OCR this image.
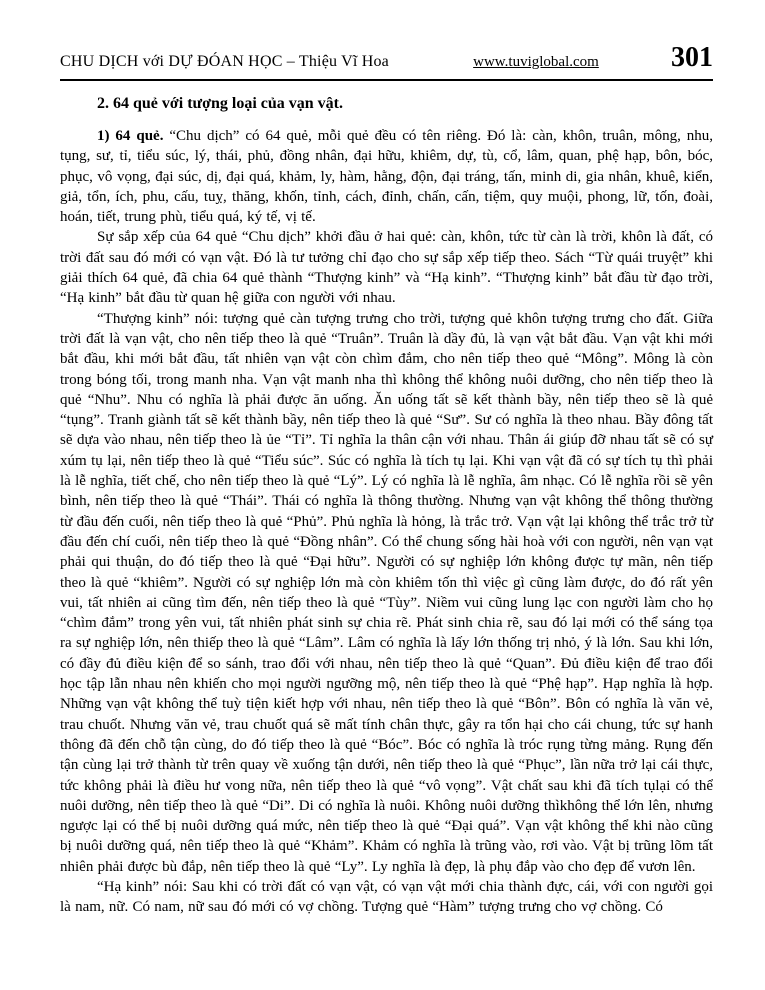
CHU DỊCH với DỰ ĐÓAN HỌC – Thiệu Vĩ Hoa	www.tuviglobal.com	301
2. 64 quẻ với tượng loại của vạn vật.

1) 64 quẻ. “Chu dịch” có 64 quẻ, mỗi quẻ đều có tên riêng. Đó là: càn, khôn, truân, mông, nhu, tụng, sư, tỉ, tiểu súc, lý, thái, phủ, đồng nhân, đại hữu, khiêm, dự, tù, cổ, lâm, quan, phệ hạp, bôn, bóc, phục, vô vọng, đại súc, dị, đại quá, khảm, ly, hàm, hằng, độn, đại tráng, tấn, minh di, gia nhân, khuê, kiển, giả, tổn, ích, phu, cấu, tuỵ, thăng, khốn, tỉnh, cách, đỉnh, chấn, cấn, tiệm, quy muội, phong, lữ, tốn, đoài, hoán, tiết, trung phù, tiểu quá, ký tế, vị tế.

Sự sắp xếp của 64 quẻ “Chu dịch” khởi đầu ở hai quẻ: càn, khôn, tức từ càn là trời, khôn là đất, có trời đất sau đó mới có vạn vật. Đó là tư tưởng chỉ đạo cho sự sắp xếp tiếp theo. Sách “Từ quái truyệt” khi giải thích 64 quẻ, đã chia 64 quẻ thành “Thượng kinh” và “Hạ kinh”. “Thượng kinh” bắt đầu từ đạo trời, “Hạ kinh” bắt đầu từ quan hệ giữa con người với nhau.

“Thượng kinh” nói: tượng quẻ càn tượng trưng cho trời, tượng quẻ khôn tượng trưng cho đất. Giữa trời đất là vạn vật, cho nên tiếp theo là quẻ “Truân”. Truân là dầy đủ, là vạn vật bắt đầu. Vạn vật khi mới bắt đầu, khi mới bắt đầu, tất nhiên vạn vật còn chìm đắm, cho nên tiếp theo quẻ “Mông”. Mông là còn trong bóng tối, trong manh nha. Vạn vật manh nha thì không thể không nuôi dưỡng, cho nên tiếp theo là quẻ “Nhu”. Nhu có nghĩa là phải được ăn uống. Ăn uống tất sẽ kết thành bầy, nên tiếp theo sẽ là quẻ “tụng”. Tranh giành tất sẽ kết thành bầy, nên tiếp theo là quẻ “Sư”. Sư có nghĩa là theo nhau. Bầy đông tất sẽ dựa vào nhau, nên tiếp theo là ủe “Tỉ”. Tỉ nghĩa la thân cận với nhau. Thân ái giúp đỡ nhau tất sẽ có sự xúm tụ lại, nên tiếp theo là quẻ “Tiểu súc”. Súc có nghĩa là tích tụ lại. Khi vạn vật đã có sự tích tụ thì phải là lễ nghĩa, tiết chế, cho nên tiếp theo là quẻ “Lý”. Lý có nghĩa là lễ nghĩa, âm nhạc. Có lễ nghĩa rồi sẽ yên bình, nên tiếp theo là quẻ “Thái”. Thái có nghĩa là thông thường. Nhưng vạn vật không thể thông thường từ đầu đến cuối, nên tiếp theo là quẻ “Phủ”. Phủ nghĩa là hỏng, là trắc trở. Vạn vật lại không thể trắc trở từ đầu đến chí cuối, nên tiếp theo là quẻ “Đồng nhân”. Có thể chung sống hài hoà với con người, nên vạn vạt phải qui thuận, do đó tiếp theo là quẻ “Đại hữu”. Người có sự nghiệp lớn không được tự mãn, nên tiếp theo là quẻ “khiêm”. Người có sự nghiệp lớn mà còn khiêm tốn thì việc gì cũng làm được, do đó rất yên vui, tất nhiên ai cũng tìm đến, nên tiếp theo là quẻ “Tùy”. Niềm vui cũng lung lạc con người làm cho họ “chìm đắm” trong yên vui, tất nhiên phát sinh sự chia rẽ. Phát sinh chia rẽ, sau đó lại mới có thể sáng tọa ra sự nghiệp lớn, nên thiếp theo là quẻ “Lâm”. Lâm có nghĩa là lấy lớn thống trị nhỏ, ý là lớn. Sau khi lớn, có đầy đủ điều kiện để so sánh, trao đổi với nhau, nên tiếp theo là quẻ “Quan”. Đủ điều kiện để trao đổi học tập lẫn nhau nên khiến cho mọi người ngưỡng mộ, nên tiếp theo là quẻ “Phệ hạp”. Hạp nghĩa là hợp. Những vạn vật không thể tuỳ tiện kiết hợp với nhau, nên tiếp theo là quẻ “Bôn”. Bôn có nghĩa là văn vẻ, trau chuốt. Nhưng văn vẻ, trau chuốt quá sẽ mất tính chân thực, gây ra tổn hại cho cái chung, tức sự hanh thông đã đến chỗ tận cùng, do đó tiếp theo là quẻ “Bóc”. Bóc có nghĩa là tróc rụng từng mảng. Rụng đến tận cùng lại trở thành từ trên quay về xuống tận dưới, nên tiếp theo là quẻ “Phục”, lần nữa trở lại cái thực, tức không phải là điều hư vong nữa, nên tiếp theo là quẻ “vô vọng”. Vật chất sau khi đã tích tụlại có thể nuôi dưỡng, nên tiếp theo là quẻ “Di”. Di có nghĩa là nuôi. Không nuôi dưỡng thìkhông thể lớn lên, nhưng ngược lại có thể bị nuôi dưỡng quá mức, nên tiếp theo là quẻ “Đại quá”. Vạn vật không thể khi nào cũng bị nuôi dưỡng quá, nên tiếp theo là quẻ “Khảm”. Khảm có nghĩa là trũng vào, rơi vào. Vật bị trũng lõm tất nhiên phải được bù đắp, nên tiếp theo là quẻ “Ly”. Ly nghĩa là đẹp, là phụ đắp vào cho đẹp để vươn lên.

“Hạ kinh” nói: Sau khi có trời đất có vạn vật, có vạn vật mới chia thành đực, cái, với con người gọi là nam, nữ. Có nam, nữ sau đó mới có vợ chồng. Tượng quẻ “Hàm” tượng trưng cho vợ chồng. Có
